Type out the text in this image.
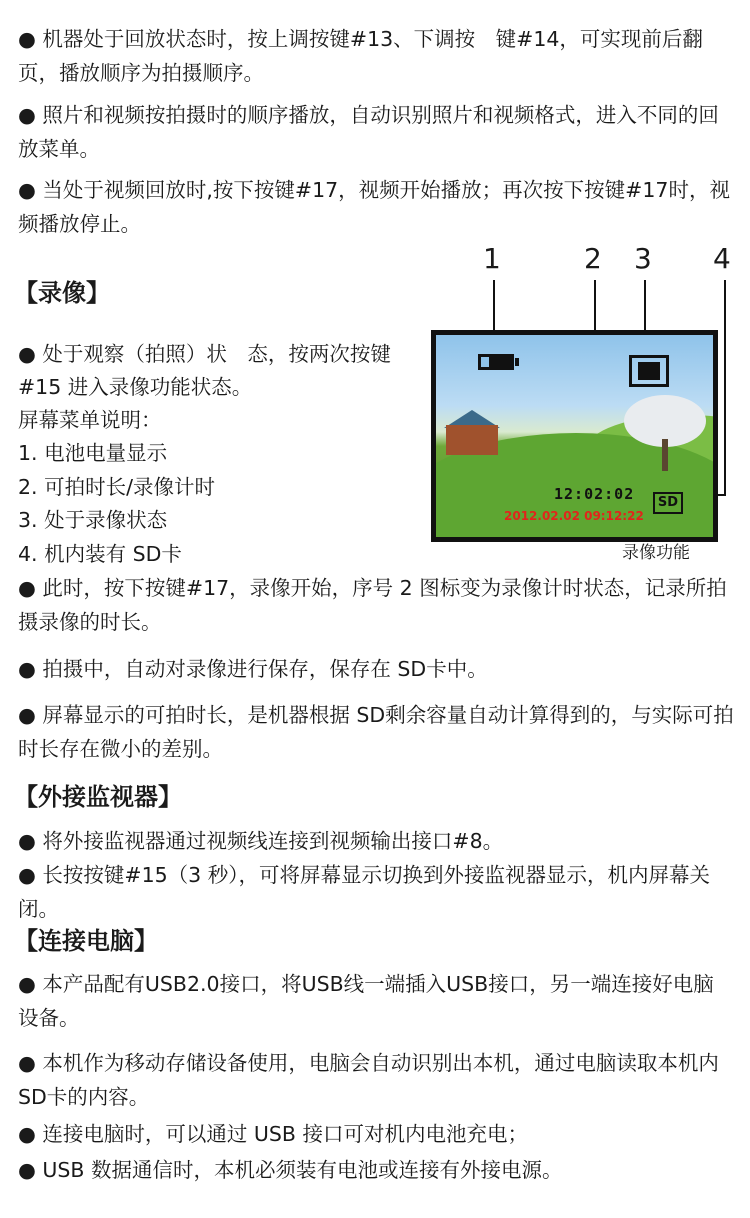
● 机器处于回放状态时，按上调按键#13、下调按　键#14，可实现前后翻页，播放顺序为拍摄顺序。
● 照片和视频按拍摄时的顺序播放，自动识别照片和视频格式，进入不同的回放菜单。
● 当处于视频回放时,按下按键#17，视频开始播放；再次按下按键#17时，视频播放停止。
【录像】
● 处于观察（拍照）状　态，按两次按键
#15 进入录像功能状态。
屏幕菜单说明：
1. 电池电量显示
2. 可拍时长/录像计时
3. 处于录像状态
4. 机内装有 SD卡
● 此时，按下按键#17，录像开始，序号 2 图标变为录像计时状态，记录所拍摄录像的时长。
● 拍摄中，自动对录像进行保存，保存在 SD卡中。
● 屏幕显示的可拍时长，是机器根据 SD剩余容量自动计算得到的，与实际可拍时长存在微小的差别。
1	2 3 4
12:02:02
2012.02.02 09:12:22
SD
录像功能
【外接监视器】
● 将外接监视器通过视频线连接到视频输出接口#8。
● 长按按键#15（3 秒），可将屏幕显示切换到外接监视器显示，机内屏幕关闭。
【连接电脑】
● 本产品配有USB2.0接口，将USB线一端插入USB接口，另一端连接好电脑设备。
● 本机作为移动存储设备使用，电脑会自动识别出本机，通过电脑读取本机内 SD卡的内容。
● 连接电脑时，可以通过 USB 接口可对机内电池充电；
● USB 数据通信时，本机必须装有电池或连接有外接电源。
